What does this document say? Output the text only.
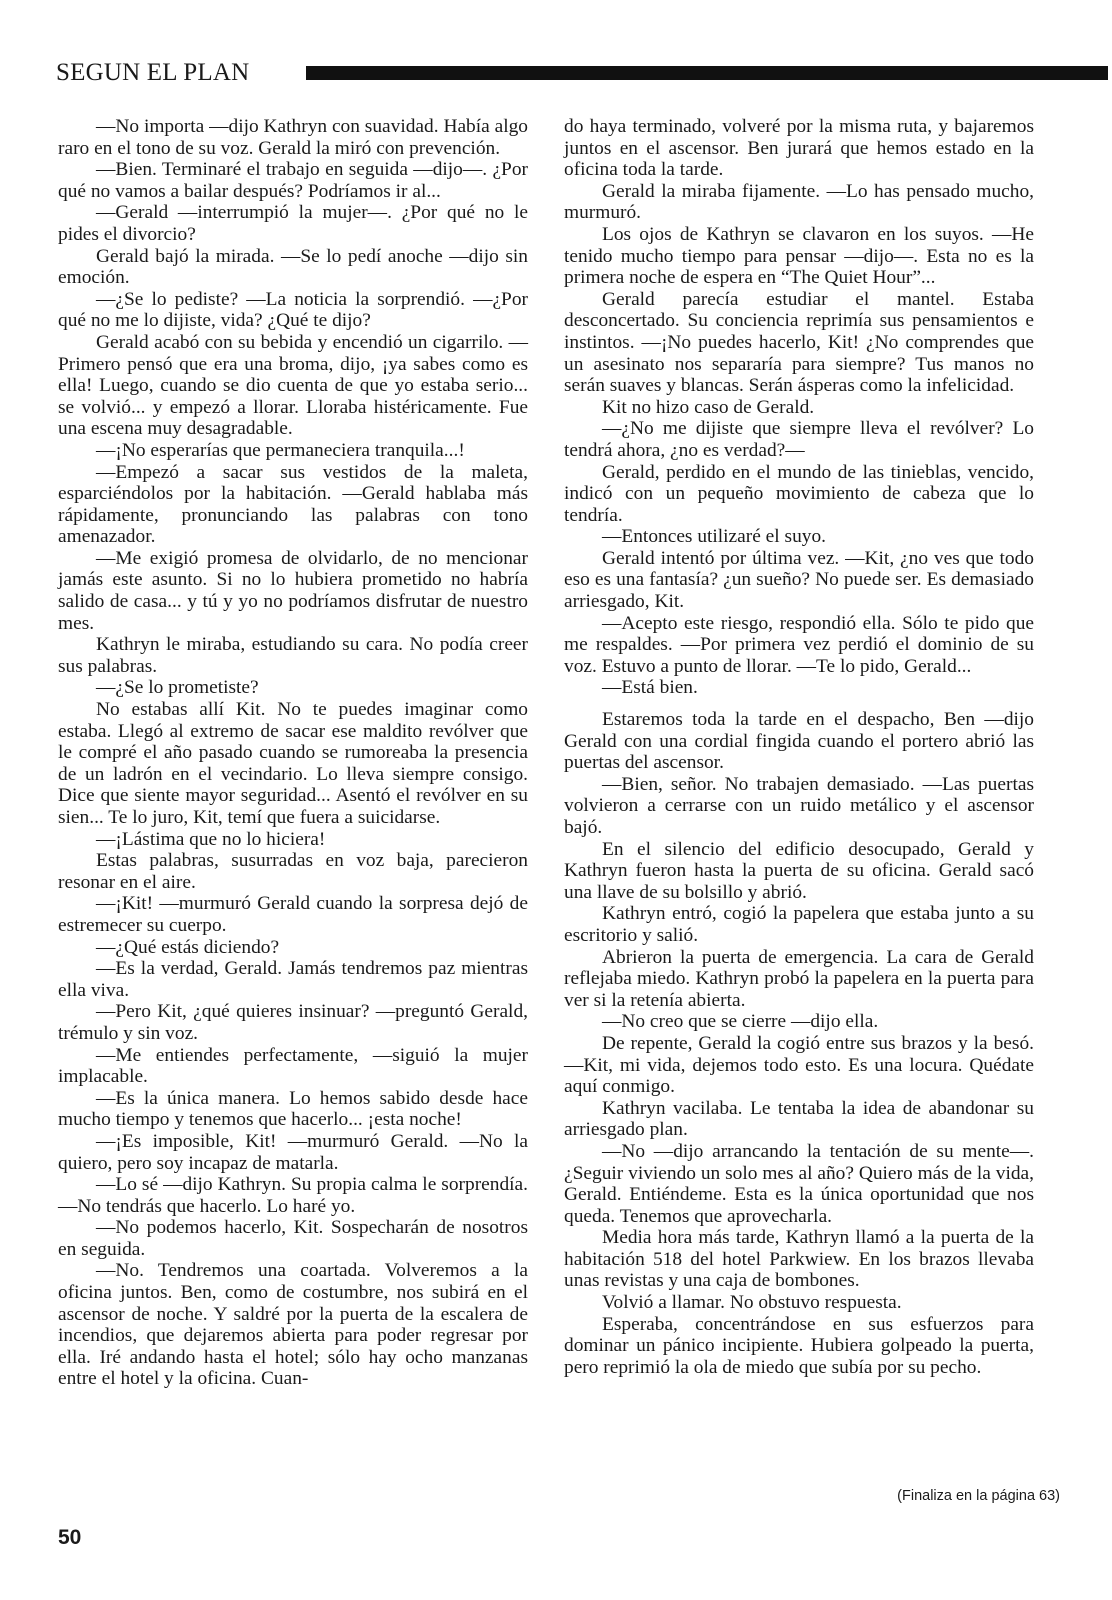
SEGUN EL PLAN

—No importa —dijo Kathryn con suavidad. Había algo raro en el tono de su voz. Gerald la miró con prevención.

—Bien. Terminaré el trabajo en seguida —dijo—. ¿Por qué no vamos a bailar después? Podríamos ir al...

—Gerald —interrumpió la mujer—. ¿Por qué no le pides el divorcio?

Gerald bajó la mirada. —Se lo pedí anoche —dijo sin emoción.

—¿Se lo pediste? —La noticia la sorprendió. —¿Por qué no me lo dijiste, vida? ¿Qué te dijo?

Gerald acabó con su bebida y encendió un cigarrilo. —Primero pensó que era una broma, dijo, ¡ya sabes como es ella! Luego, cuando se dio cuenta de que yo estaba serio... se volvió... y empezó a llorar. Lloraba histéricamente. Fue una escena muy desagradable.

—¡No esperarías que permaneciera tranquila...!

—Empezó a sacar sus vestidos de la maleta, esparciéndolos por la habitación. —Gerald hablaba más rápidamente, pronunciando las palabras con tono amenazador.

—Me exigió promesa de olvidarlo, de no mencionar jamás este asunto. Si no lo hubiera prometido no habría salido de casa... y tú y yo no podríamos disfrutar de nuestro mes.

Kathryn le miraba, estudiando su cara. No podía creer sus palabras.

—¿Se lo prometiste?

No estabas allí Kit. No te puedes imaginar como estaba. Llegó al extremo de sacar ese maldito revólver que le compré el año pasado cuando se rumoreaba la presencia de un ladrón en el vecindario. Lo lleva siempre consigo. Dice que siente mayor seguridad... Asentó el revólver en su sien... Te lo juro, Kit, temí que fuera a suicidarse.

—¡Lástima que no lo hiciera!

Estas palabras, susurradas en voz baja, parecieron resonar en el aire.

—¡Kit! —murmuró Gerald cuando la sorpresa dejó de estremecer su cuerpo.

—¿Qué estás diciendo?

—Es la verdad, Gerald. Jamás tendremos paz mientras ella viva.

—Pero Kit, ¿qué quieres insinuar? —preguntó Gerald, trémulo y sin voz.

—Me entiendes perfectamente, —siguió la mujer implacable.

—Es la única manera. Lo hemos sabido desde hace mucho tiempo y tenemos que hacerlo... ¡esta noche!

—¡Es imposible, Kit! —murmuró Gerald. —No la quiero, pero soy incapaz de matarla.

—Lo sé —dijo Kathryn. Su propia calma le sorprendía. —No tendrás que hacerlo. Lo haré yo.

—No podemos hacerlo, Kit. Sospecharán de nosotros en seguida.

—No. Tendremos una coartada. Volveremos a la oficina juntos. Ben, como de costumbre, nos subirá en el ascensor de noche. Y saldré por la puerta de la escalera de incendios, que dejaremos abierta para poder regresar por ella. Iré andando hasta el hotel; sólo hay ocho manzanas entre el hotel y la oficina. Cuan-

do haya terminado, volveré por la misma ruta, y bajaremos juntos en el ascensor. Ben jurará que hemos estado en la oficina toda la tarde.

Gerald la miraba fijamente. —Lo has pensado mucho, murmuró.

Los ojos de Kathryn se clavaron en los suyos. —He tenido mucho tiempo para pensar —dijo—. Esta no es la primera noche de espera en “The Quiet Hour”...

Gerald parecía estudiar el mantel. Estaba desconcertado. Su conciencia reprimía sus pensamientos e instintos. —¡No puedes hacerlo, Kit! ¿No comprendes que un asesinato nos separaría para siempre? Tus manos no serán suaves y blancas. Serán ásperas como la infelicidad.

Kit no hizo caso de Gerald.

—¿No me dijiste que siempre lleva el revólver? Lo tendrá ahora, ¿no es verdad?—

Gerald, perdido en el mundo de las tinieblas, vencido, indicó con un pequeño movimiento de cabeza que lo tendría.

—Entonces utilizaré el suyo.

Gerald intentó por última vez. —Kit, ¿no ves que todo eso es una fantasía? ¿un sueño? No puede ser. Es demasiado arriesgado, Kit.

—Acepto este riesgo, respondió ella. Sólo te pido que me respaldes. —Por primera vez perdió el dominio de su voz. Estuvo a punto de llorar. —Te lo pido, Gerald...

—Está bien.

Estaremos toda la tarde en el despacho, Ben —dijo Gerald con una cordial fingida cuando el portero abrió las puertas del ascensor.

—Bien, señor. No trabajen demasiado. —Las puertas volvieron a cerrarse con un ruido metálico y el ascensor bajó.

En el silencio del edificio desocupado, Gerald y Kathryn fueron hasta la puerta de su oficina. Gerald sacó una llave de su bolsillo y abrió.

Kathryn entró, cogió la papelera que estaba junto a su escritorio y salió.

Abrieron la puerta de emergencia. La cara de Gerald reflejaba miedo. Kathryn probó la papelera en la puerta para ver si la retenía abierta.

—No creo que se cierre —dijo ella.

De repente, Gerald la cogió entre sus brazos y la besó. —Kit, mi vida, dejemos todo esto. Es una locura. Quédate aquí conmigo.

Kathryn vacilaba. Le tentaba la idea de abandonar su arriesgado plan.

—No —dijo arrancando la tentación de su mente—. ¿Seguir viviendo un solo mes al año? Quiero más de la vida, Gerald. Entiéndeme. Esta es la única oportunidad que nos queda. Tenemos que aprovecharla.

Media hora más tarde, Kathryn llamó a la puerta de la habitación 518 del hotel Parkwiew. En los brazos llevaba unas revistas y una caja de bombones.

Volvió a llamar. No obstuvo respuesta.

Esperaba, concentrándose en sus esfuerzos para dominar un pánico incipiente. Hubiera golpeado la puerta, pero reprimió la ola de miedo que subía por su pecho.

(Finaliza en la página 63)
50
